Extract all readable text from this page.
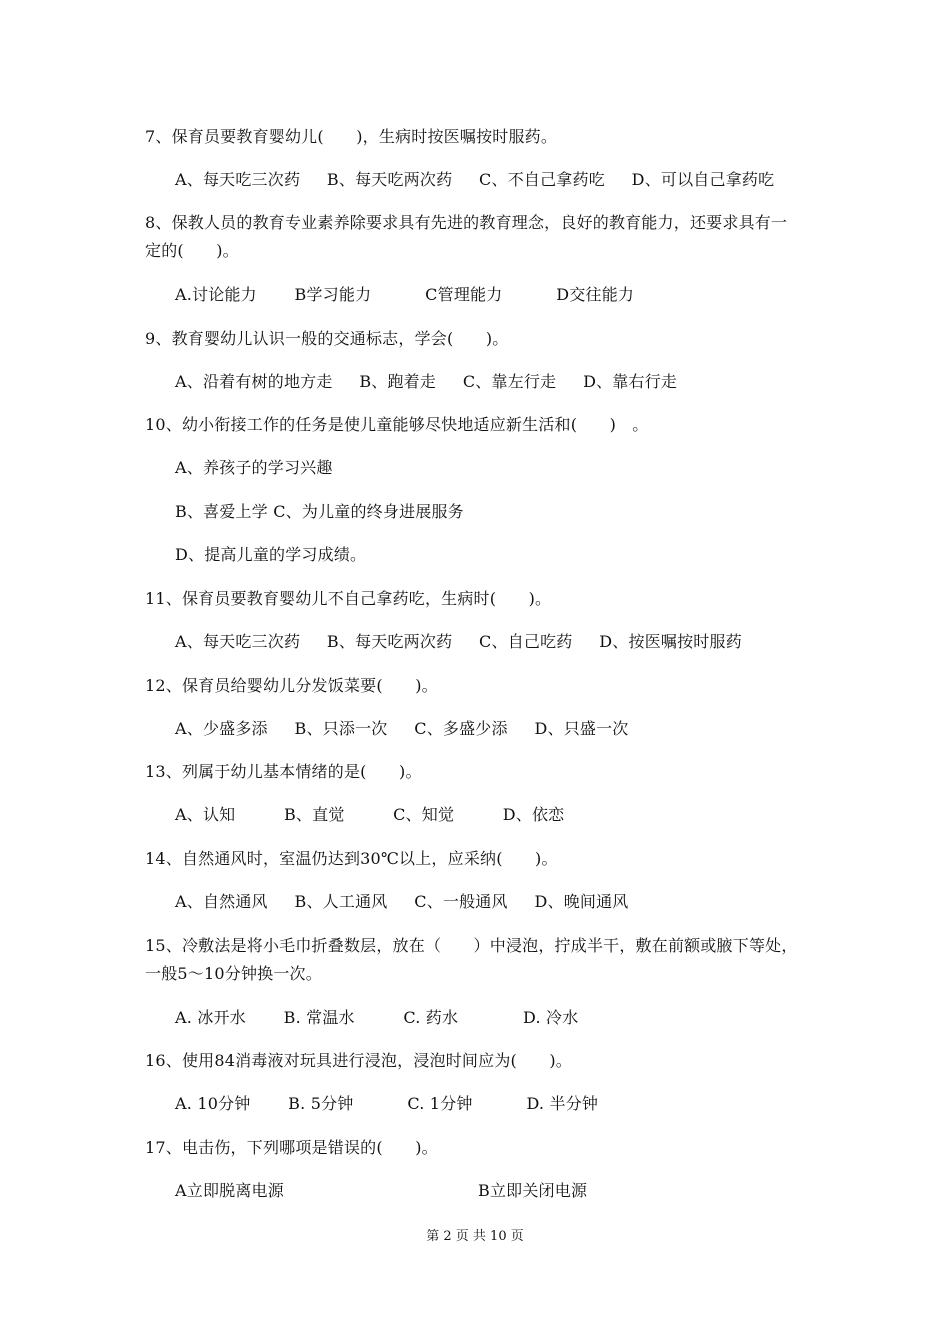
7、保育员要教育婴幼儿(　　)，生病时按医嘱按时服药。
A、每天吃三次药　  B、每天吃两次药　  C、不自己拿药吃　  D、可以自己拿药吃
8、保教人员的教育专业素养除要求具有先进的教育理念，良好的教育能力，还要求具有一
定的(　　)。
A.讨论能力　　 B学习能力　　　 C管理能力　　　 D交往能力
9、教育婴幼儿认识一般的交通标志，学会(　　)。
A、沿着有树的地方走　  B、跑着走　  C、靠左行走　  D、靠右行走
10、幼小衔接工作的任务是使儿童能够尽快地适应新生活和(　　)　。
A、养孩子的学习兴趣
B、喜爱上学 C、为儿童的终身进展服务
D、提高儿童的学习成绩。
11、保育员要教育婴幼儿不自己拿药吃，生病时(　　)。
A、每天吃三次药　  B、每天吃两次药　  C、自己吃药　  D、按医嘱按时服药
12、保育员给婴幼儿分发饭菜要(　　)。
A、少盛多添　  B、只添一次　  C、多盛少添　  D、只盛一次
13、列属于幼儿基本情绪的是(　　)。
A、认知　　　B、直觉　　　C、知觉　　　D、依恋
14、自然通风时，室温仍达到30℃以上，应采纳(　　)。
A、自然通风　  B、人工通风　  C、一般通风　  D、晚间通风
15、冷敷法是将小毛巾折叠数层，放在（　　）中浸泡，拧成半干，敷在前额或腋下等处，
一般5～10分钟换一次。
A. 冰开水　　 B. 常温水　　　C. 药水　　　　D. 冷水
16、使用84消毒液对玩具进行浸泡，浸泡时间应为(　　)。
A. 10分钟　　 B. 5分钟　　　 C. 1分钟　　　 D. 半分钟
17、电击伤，下列哪项是错误的(　　)。
A立即脱离电源	B立即关闭电源
第 2 页 共 10 页
